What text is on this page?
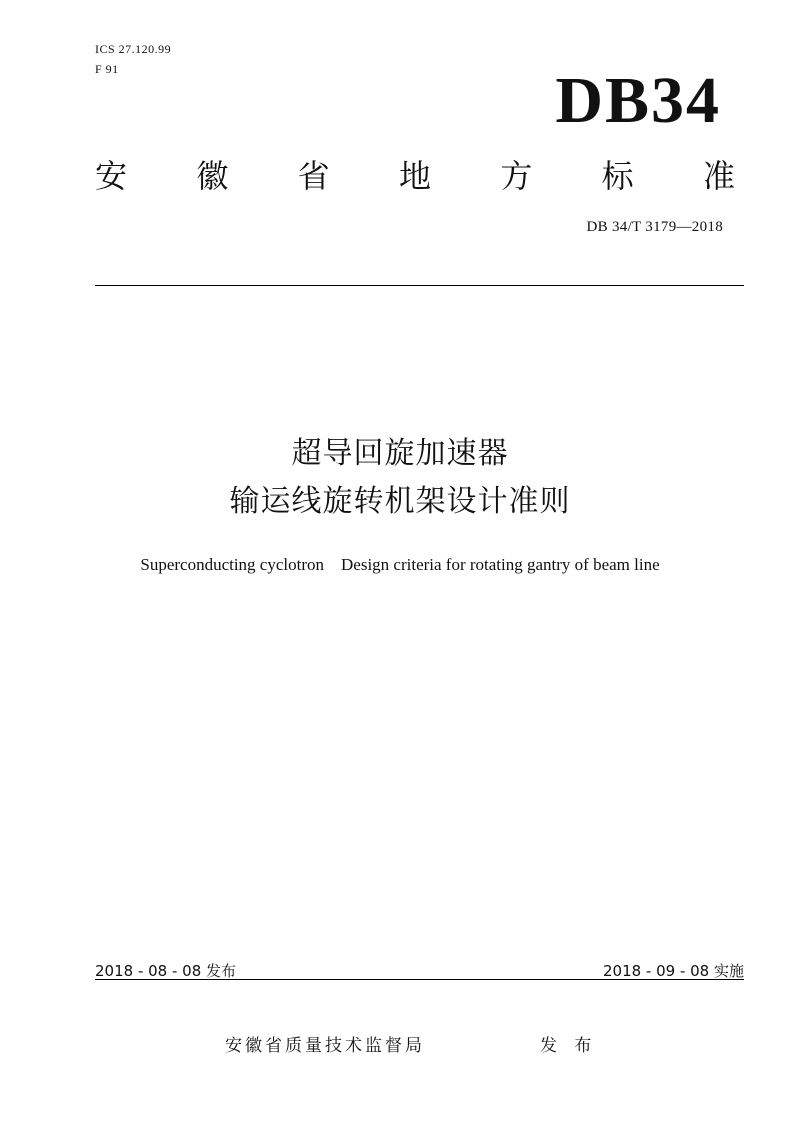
ICS 27.120.99
F 91	DB34
安 徽 省 地 方 标 准
DB 34/T 3179—2018
超导回旋加速器
输运线旋转机架设计准则
Superconducting cyclotron　Design criteria for rotating gantry of beam line
2018 - 08 - 08 发布	2018 - 09 - 08 实施
安徽省质量技术监督局	发 布
